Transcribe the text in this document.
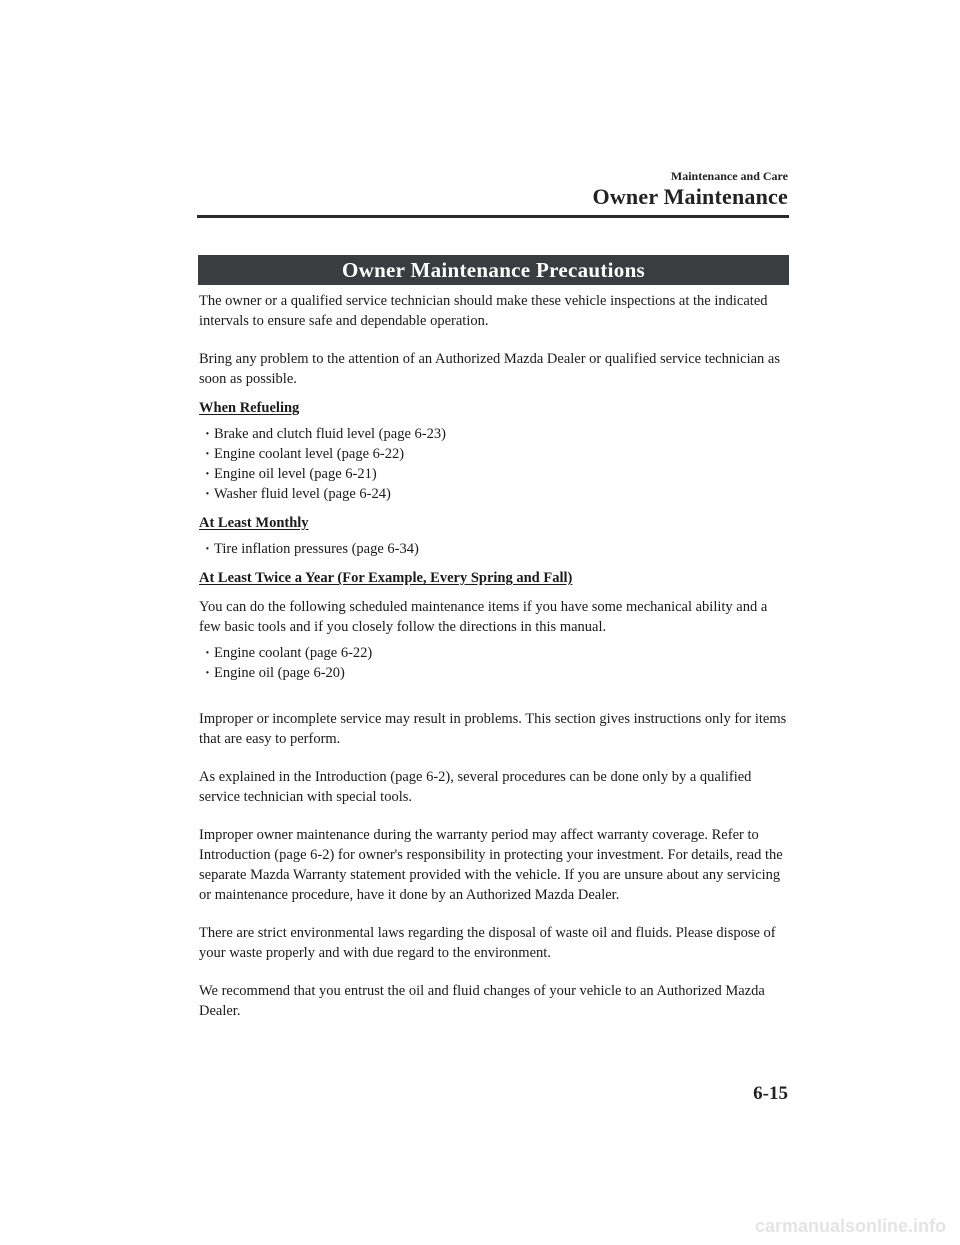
Maintenance and Care
Owner Maintenance
Owner Maintenance Precautions

The owner or a qualified service technician should make these vehicle inspections at the indicated intervals to ensure safe and dependable operation.

Bring any problem to the attention of an Authorized Mazda Dealer or qualified service technician as soon as possible.

When Refueling

· Brake and clutch fluid level (page 6-23)
· Engine coolant level (page 6-22)
· Engine oil level (page 6-21)
· Washer fluid level (page 6-24)

At Least Monthly

· Tire inflation pressures (page 6-34)

At Least Twice a Year (For Example, Every Spring and Fall)

You can do the following scheduled maintenance items if you have some mechanical ability and a few basic tools and if you closely follow the directions in this manual.

· Engine coolant (page 6-22)
· Engine oil (page 6-20)

Improper or incomplete service may result in problems. This section gives instructions only for items that are easy to perform.

As explained in the Introduction (page 6-2), several procedures can be done only by a qualified service technician with special tools.

Improper owner maintenance during the warranty period may affect warranty coverage. Refer to Introduction (page 6-2) for owner's responsibility in protecting your investment. For details, read the separate Mazda Warranty statement provided with the vehicle. If you are unsure about any servicing or maintenance procedure, have it done by an Authorized Mazda Dealer.

There are strict environmental laws regarding the disposal of waste oil and fluids. Please dispose of your waste properly and with due regard to the environment.

We recommend that you entrust the oil and fluid changes of your vehicle to an Authorized Mazda Dealer.

6-15
carmanualsonline.info
